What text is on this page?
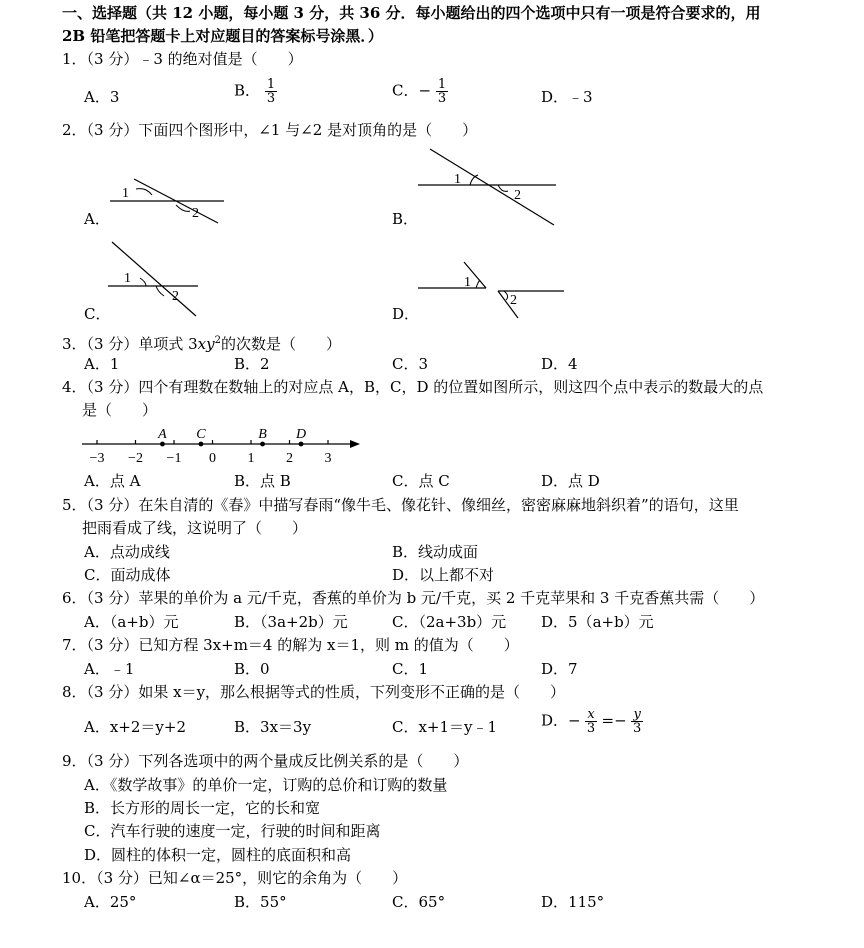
一、选择题（共 12 小题，每小题 3 分，共 36 分．每小题给出的四个选项中只有一项是符合要求的，用
2B 铅笔把答题卡上对应题目的答案标号涂黑．）
1．（3 分）﹣3 的绝对值是（　　）
A．3	B． $\frac{1}{3}$	C．− $\frac{1}{3}$	D．﹣3
2．（3 分）下面四个图形中，∠1 与∠2 是对顶角的是（　　）
A．
1
2	B．
1
2
C．
1
2
D．
1
2
3．（3 分）单项式 $3xy^2$的次数是（　　）
A．1	B．2	C．3	D．4
4．（3 分）四个有理数在数轴上的对应点 A，B，C，D 的位置如图所示，则这四个点中表示的数最大的点
是（　　）
−3 −2 −1 0 1 2 3
A C	B D
A．点 A	B．点 B	C．点 C	D．点 D
5．（3 分）在朱自清的《春》中描写春雨“像牛毛、像花针、像细丝，密密麻麻地斜织着”的语句，这里
把雨看成了线，这说明了（　　）
A．点动成线	B．线动成面
C．面动成体	D．以上都不对
6．（3 分）苹果的单价为 a 元/千克，香蕉的单价为 b 元/千克，买 2 千克苹果和 3 千克香蕉共需（　　）
A．（a+b）元	B．（3a+2b）元	C．（2a+3b）元 D．5（a+b）元
7．（3 分）已知方程 3x+m＝4 的解为 x＝1，则 m 的值为（　　）
A．﹣1	B．0	C．1	D．7
8．（3 分）如果 x＝y，那么根据等式的性质，下列变形不正确的是（　　）
A．x+2＝y+2	B．3x＝3y	C．x+1＝y﹣1	D．− $\frac{x}{3} =- \frac{y}{3}$
9．（3 分）下列各选项中的两个量成反比例关系的是（　　）
A．《数学故事》的单价一定，订购的总价和订购的数量
B．长方形的周长一定，它的长和宽
C．汽车行驶的速度一定，行驶的时间和距离
D．圆柱的体积一定，圆柱的底面积和高
10．（3 分）已知∠α＝25°，则它的余角为（　　）
A．25°	B．55°	C．65°	D．115°
